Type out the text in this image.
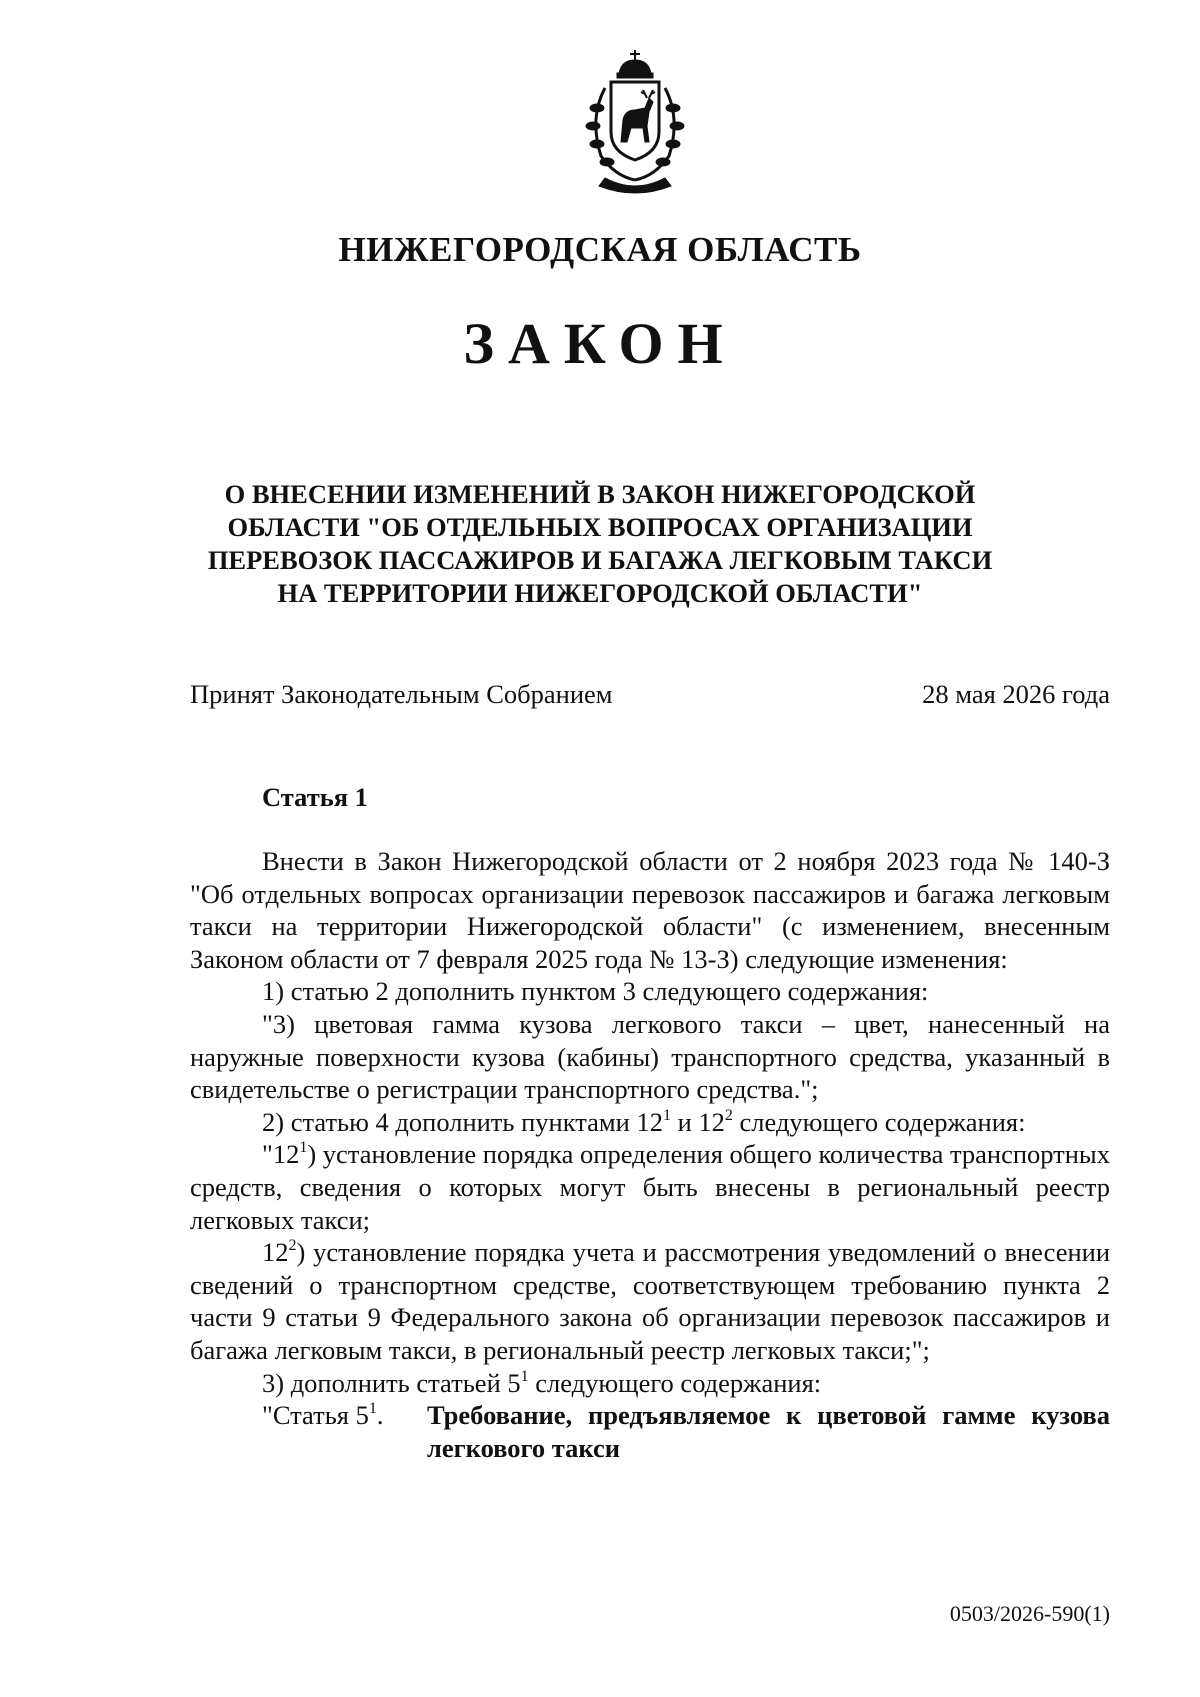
НИЖЕГОРОДСКАЯ ОБЛАСТЬ
ЗАКОН
О ВНЕСЕНИИ ИЗМЕНЕНИЙ В ЗАКОН НИЖЕГОРОДСКОЙ
ОБЛАСТИ "ОБ ОТДЕЛЬНЫХ ВОПРОСАХ ОРГАНИЗАЦИИ
ПЕРЕВОЗОК ПАССАЖИРОВ И БАГАЖА ЛЕГКОВЫМ ТАКСИ
НА ТЕРРИТОРИИ НИЖЕГОРОДСКОЙ ОБЛАСТИ"
Принят Законодательным Собранием	28 мая 2026 года
Статья 1

Внести в Закон Нижегородской области от 2 ноября 2023 года № 140-З "Об отдельных вопросах организации перевозок пассажиров и багажа легковым такси на территории Нижегородской области" (с изменением, внесенным Законом области от 7 февраля 2025 года № 13-З) следующие изменения:

1) статью 2 дополнить пунктом 3 следующего содержания:

"3) цветовая гамма кузова легкового такси – цвет, нанесенный на наружные поверхности кузова (кабины) транспортного средства, указанный в свидетельстве о регистрации транспортного средства.";

2) статью 4 дополнить пунктами $12^1$ и $12^2$ следующего содержания:

"$12^1$) установление порядка определения общего количества транспортных средств, сведения о которых могут быть внесены в региональный реестр легковых такси;

$12^2$) установление порядка учета и рассмотрения уведомлений о внесении сведений о транспортном средстве, соответствующем требованию пункта 2 части 9 статьи 9 Федерального закона об организации перевозок пассажиров и багажа легковым такси, в региональный реестр легковых такси;";

3) дополнить статьей $5^1$ следующего содержания:

"Статья $5^1$.	Требование, предъявляемое к цветовой гамме кузова легкового такси
0503/2026-590(1)
